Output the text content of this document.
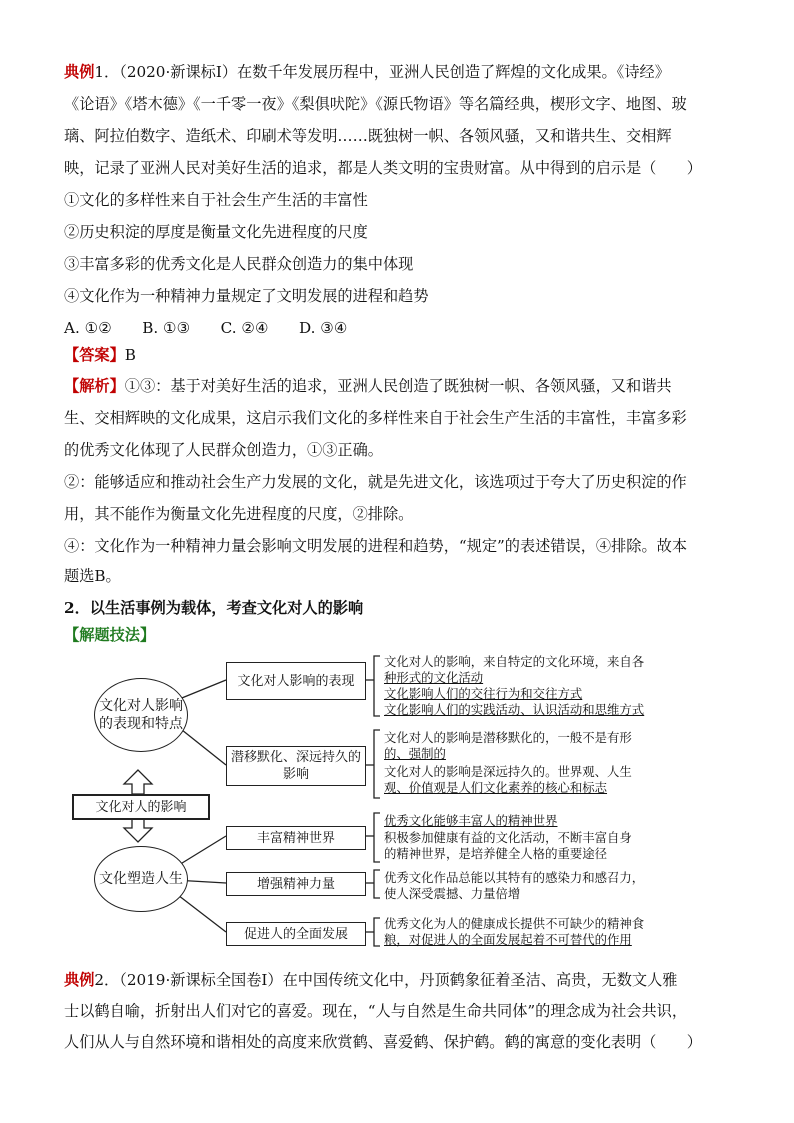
典例1．（2020·新课标Ⅰ）在数千年发展历程中，亚洲人民创造了辉煌的文化成果。《诗经》
《论语》《塔木德》《一千零一夜》《梨俱吠陀》《源氏物语》等名篇经典，楔形文字、地图、玻
璃、阿拉伯数字、造纸术、印刷术等发明……既独树一帜、各领风骚，又和谐共生、交相辉
映，记录了亚洲人民对美好生活的追求，都是人类文明的宝贵财富。从中得到的启示是（　　）
①文化的多样性来自于社会生产生活的丰富性
②历史积淀的厚度是衡量文化先进程度的尺度
③丰富多彩的优秀文化是人民群众创造力的集中体现
④文化作为一种精神力量规定了文明发展的进程和趋势
A. ①②　　B. ①③　　C. ②④　　D. ③④
【答案】B
【解析】①③：基于对美好生活的追求，亚洲人民创造了既独树一帜、各领风骚，又和谐共
生、交相辉映的文化成果，这启示我们文化的多样性来自于社会生产生活的丰富性，丰富多彩
的优秀文化体现了人民群众创造力，①③正确。
②：能够适应和推动社会生产力发展的文化，就是先进文化，该选项过于夸大了历史积淀的作
用，其不能作为衡量文化先进程度的尺度，②排除。
④：文化作为一种精神力量会影响文明发展的进程和趋势，“规定”的表述错误，④排除。故本
题选B。
2．以生活事例为载体，考查文化对人的影响
【解题技法】
文化对人影响的表现和特点
文化对人的影响
文化塑造人生
文化对人影响的表现
潜移默化、深远持久的影响
丰富精神世界
增强精神力量
促进人的全面发展
文化对人的影响，来自特定的文化环境，来自各
种形式的文化活动
文化影响人们的交往行为和交往方式
文化影响人们的实践活动、认识活动和思维方式
文化对人的影响是潜移默化的，一般不是有形
的、强制的
文化对人的影响是深远持久的。世界观、人生
观、价值观是人们文化素养的核心和标志
优秀文化能够丰富人的精神世界
积极参加健康有益的文化活动，不断丰富自身
的精神世界，是培养健全人格的重要途径
优秀文化作品总能以其特有的感染力和感召力，
使人深受震撼、力量倍增
优秀文化为人的健康成长提供不可缺少的精神食
粮，对促进人的全面发展起着不可替代的作用
典例2．（2019·新课标全国卷Ⅰ）在中国传统文化中，丹顶鹤象征着圣洁、高贵，无数文人雅
士以鹤自喻，折射出人们对它的喜爱。现在，“人与自然是生命共同体”的理念成为社会共识，
人们从人与自然环境和谐相处的高度来欣赏鹤、喜爱鹤、保护鹤。鹤的寓意的变化表明（　　）
